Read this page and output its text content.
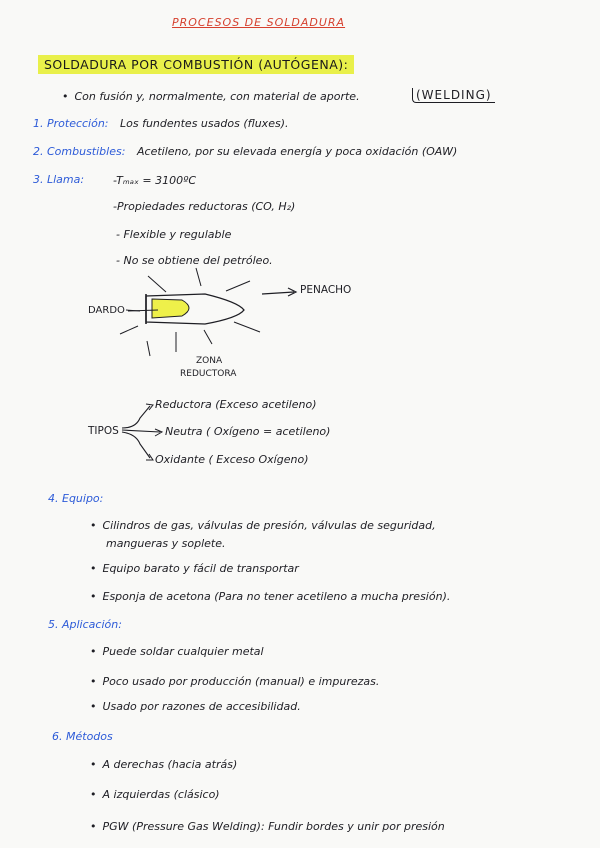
PROCESOS DE SOLDADURA
SOLDADURA POR COMBUSTIÓN (AUTÓGENA):
• Con fusión y, normalmente, con material de aporte.	(WELDING)
1. Protección: Los fundentes usados (fluxes).
2. Combustibles: Acetileno, por su elevada energía y poca oxidación (OAW)
3. Llama:	-Tₘₐₓ = 3100ºC
-Propiedades reductoras (CO, H₂)
- Flexible y regulable
- No se obtiene del petróleo.
DARDO
PENACHO
ZONA
REDUCTORA
TIPOS
Reductora (Exceso acetileno)
Neutra ( Oxígeno = acetileno)
Oxidante ( Exceso Oxígeno)
4. Equipo:
• Cilindros de gas, válvulas de presión, válvulas de seguridad,
mangueras y soplete.
• Equipo barato y fácil de transportar
• Esponja de acetona (Para no tener acetileno a mucha presión).
5. Aplicación:
• Puede soldar cualquier metal
• Poco usado por producción (manual) e impurezas.
• Usado por razones de accesibilidad.
6. Métodos
• A derechas (hacia atrás)
• A izquierdas (clásico)
• PGW (Pressure Gas Welding): Fundir bordes y unir por presión
